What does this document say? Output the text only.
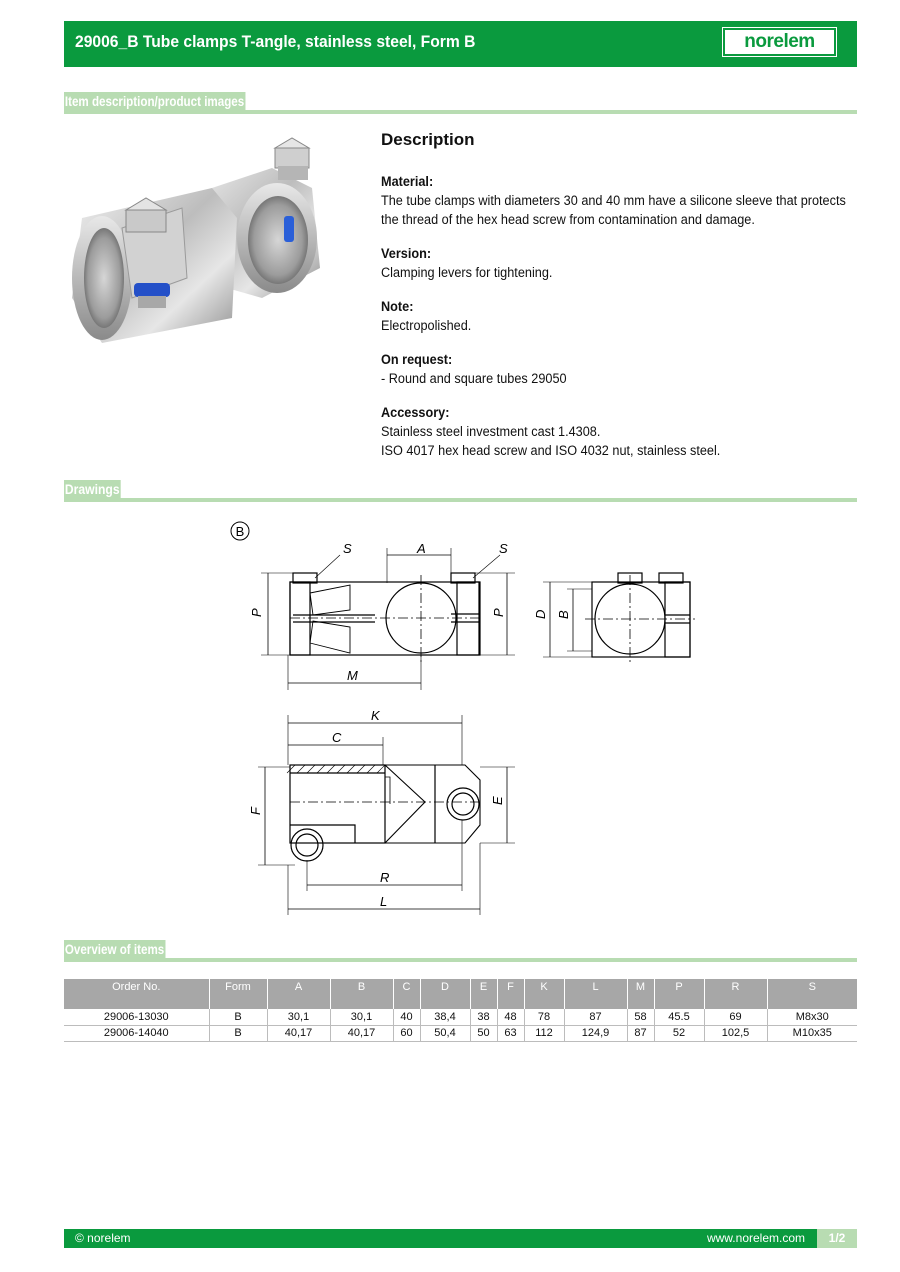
29006_B Tube clamps T-angle, stainless steel, Form B	norelem
Item description/product images
Description
Material:
The tube clamps with diameters 30 and 40 mm have a silicone sleeve that protects
the thread of the hex head screw from contamination and damage.
Version:
Clamping levers for tightening.
Note:
Electropolished.
On request:
- Round and square tubes 29050
Accessory:
Stainless steel investment cast 1.4308.
ISO 4017 hex head screw and ISO 4032 nut, stainless steel.
Drawings
B
S	A	S
P	P
M
D B
K
C
F
E
R
L
Overview of items
Order No.	Form	A	B	C	D	E	F	K	L	M	P	R	S
29006-13030	B	30,1	30,1	40	38,4	38	48	78	87	58	45.5	69	M8x30
29006-14040	B	40,17	40,17	60	50,4	50	63	112	124,9	87	52	102,5	M10x35
© norelem	www.norelem.com	1/2
